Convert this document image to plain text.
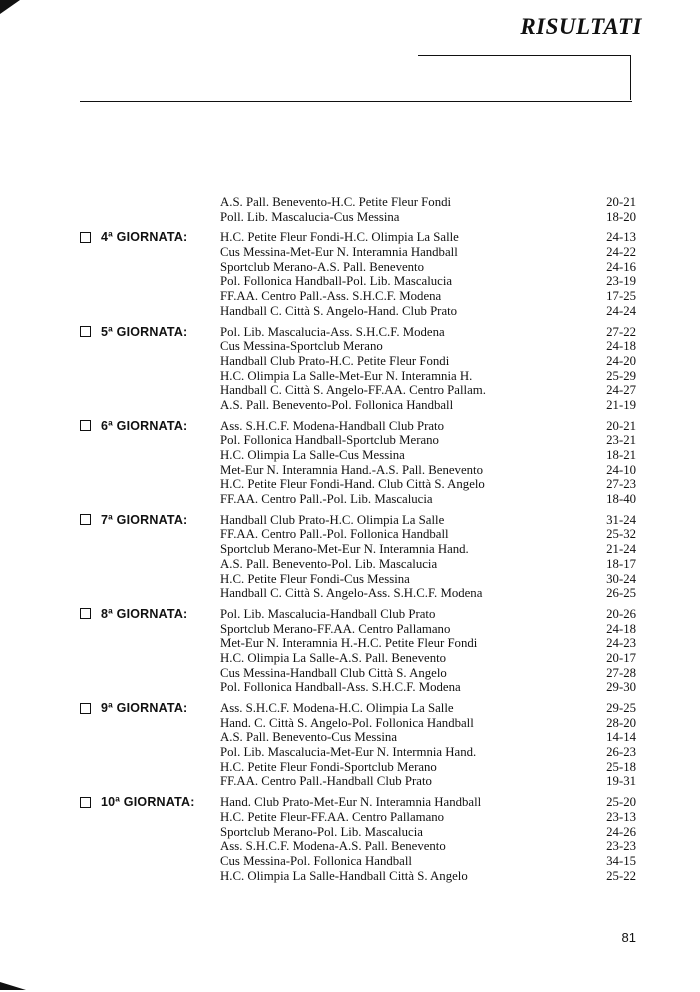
RISULTATI
A.S. Pall. Benevento-H.C. Petite Fleur Fondi	20-21
Poll. Lib. Mascalucia-Cus Messina	18-20
4ª GIORNATA:	H.C. Petite Fleur Fondi-H.C. Olimpia La Salle	24-13
Cus Messina-Met-Eur N. Interamnia Handball	24-22
Sportclub Merano-A.S. Pall. Benevento	24-16
Pol. Follonica Handball-Pol. Lib. Mascalucia	23-19
FF.AA. Centro Pall.-Ass. S.H.C.F. Modena	17-25
Handball C. Città S. Angelo-Hand. Club Prato	24-24
5ª GIORNATA:	Pol. Lib. Mascalucia-Ass. S.H.C.F. Modena	27-22
Cus Messina-Sportclub Merano	24-18
Handball Club Prato-H.C. Petite Fleur Fondi	24-20
H.C. Olimpia La Salle-Met-Eur N. Interamnia H.	25-29
Handball C. Città S. Angelo-FF.AA. Centro Pallam.	24-27
A.S. Pall. Benevento-Pol. Follonica Handball	21-19
6ª GIORNATA:	Ass. S.H.C.F. Modena-Handball Club Prato	20-21
Pol. Follonica Handball-Sportclub Merano	23-21
H.C. Olimpia La Salle-Cus Messina	18-21
Met-Eur N. Interamnia Hand.-A.S. Pall. Benevento	24-10
H.C. Petite Fleur Fondi-Hand. Club Città S. Angelo	27-23
FF.AA. Centro Pall.-Pol. Lib. Mascalucia	18-40
7ª GIORNATA:	Handball Club Prato-H.C. Olimpia La Salle	31-24
FF.AA. Centro Pall.-Pol. Follonica Handball	25-32
Sportclub Merano-Met-Eur N. Interamnia Hand.	21-24
A.S. Pall. Benevento-Pol. Lib. Mascalucia	18-17
H.C. Petite Fleur Fondi-Cus Messina	30-24
Handball C. Città S. Angelo-Ass. S.H.C.F. Modena	26-25
8ª GIORNATA:	Pol. Lib. Mascalucia-Handball Club Prato	20-26
Sportclub Merano-FF.AA. Centro Pallamano	24-18
Met-Eur N. Interamnia H.-H.C. Petite Fleur Fondi	24-23
H.C. Olimpia La Salle-A.S. Pall. Benevento	20-17
Cus Messina-Handball Club Città S. Angelo	27-28
Pol. Follonica Handball-Ass. S.H.C.F. Modena	29-30
9ª GIORNATA:	Ass. S.H.C.F. Modena-H.C. Olimpia La Salle	29-25
Hand. C. Città S. Angelo-Pol. Follonica Handball	28-20
A.S. Pall. Benevento-Cus Messina	14-14
Pol. Lib. Mascalucia-Met-Eur N. Intermnia Hand.	26-23
H.C. Petite Fleur Fondi-Sportclub Merano	25-18
FF.AA. Centro Pall.-Handball Club Prato	19-31
10ª GIORNATA: Hand. Club Prato-Met-Eur N. Interamnia Handball	25-20
H.C. Petite Fleur-FF.AA. Centro Pallamano	23-13
Sportclub Merano-Pol. Lib. Mascalucia	24-26
Ass. S.H.C.F. Modena-A.S. Pall. Benevento	23-23
Cus Messina-Pol. Follonica Handball	34-15
H.C. Olimpia La Salle-Handball Città S. Angelo	25-22
81
